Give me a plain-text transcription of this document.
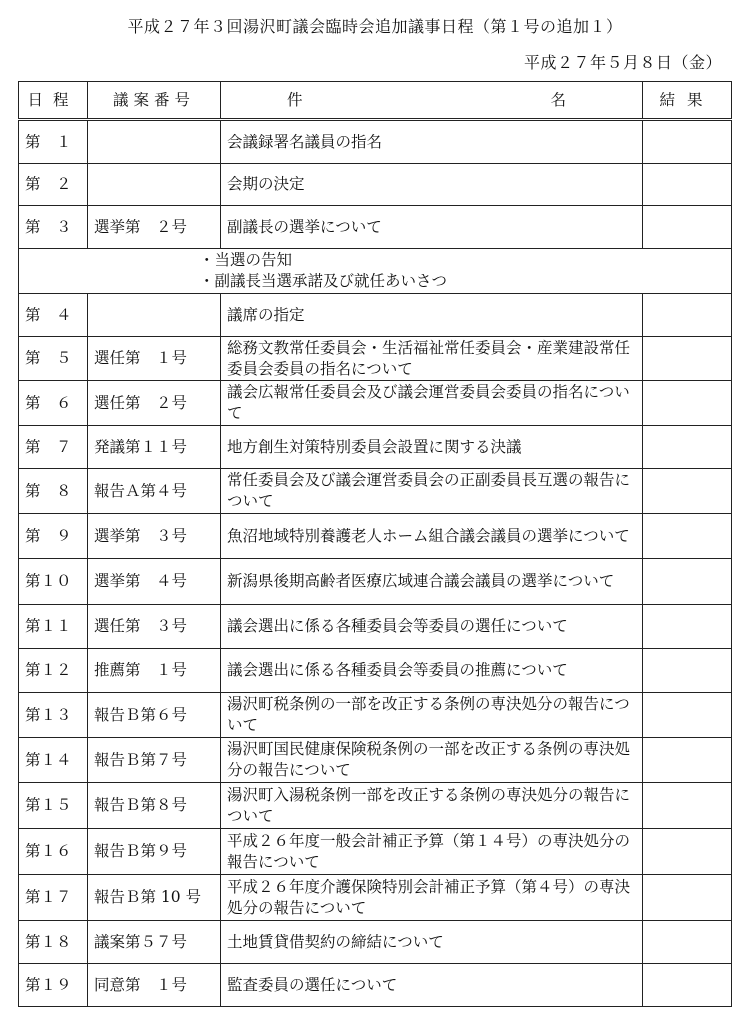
平成２７年３回湯沢町議会臨時会追加議事日程（第１号の追加１）
平成２７年５月８日（金）
日程	議案番号	件 名	結果
第　１		会議録署名議員の指名	
第　２		会期の決定	
第　３	選挙第　２号	副議長の選挙について	

・当選の告知
・副議長当選承諾及び就任あいさつ			

第　４		議席の指定	
第　５	選任第　１号	総務文教常任委員会・生活福祉常任委員会・産業建設常任委員会委員の指名について	
第　６	選任第　２号	議会広報常任委員会及び議会運営委員会委員の指名について	
第　７	発議第１１号	地方創生対策特別委員会設置に関する決議	
第　８	報告Ａ第４号	常任委員会及び議会運営委員会の正副委員長互選の報告について	
第　９	選挙第　３号	魚沼地域特別養護老人ホーム組合議会議員の選挙について	
第１０	選挙第　４号	新潟県後期高齢者医療広域連合議会議員の選挙について	
第１１	選任第　３号	議会選出に係る各種委員会等委員の選任について	
第１２	推薦第　１号	議会選出に係る各種委員会等委員の推薦について	
第１３	報告Ｂ第６号	湯沢町税条例の一部を改正する条例の専決処分の報告について	
第１４	報告Ｂ第７号	湯沢町国民健康保険税条例の一部を改正する条例の専決処分の報告について	
第１５	報告Ｂ第８号	湯沢町入湯税条例一部を改正する条例の専決処分の報告について	
第１６	報告Ｂ第９号	平成２６年度一般会計補正予算（第１４号）の専決処分の報告について	
第１７	報告Ｂ第 10 号	平成２６年度介護保険特別会計補正予算（第４号）の専決処分の報告について	
第１８	議案第５７号	土地賃貸借契約の締結について	
第１９	同意第　１号	監査委員の選任について	
